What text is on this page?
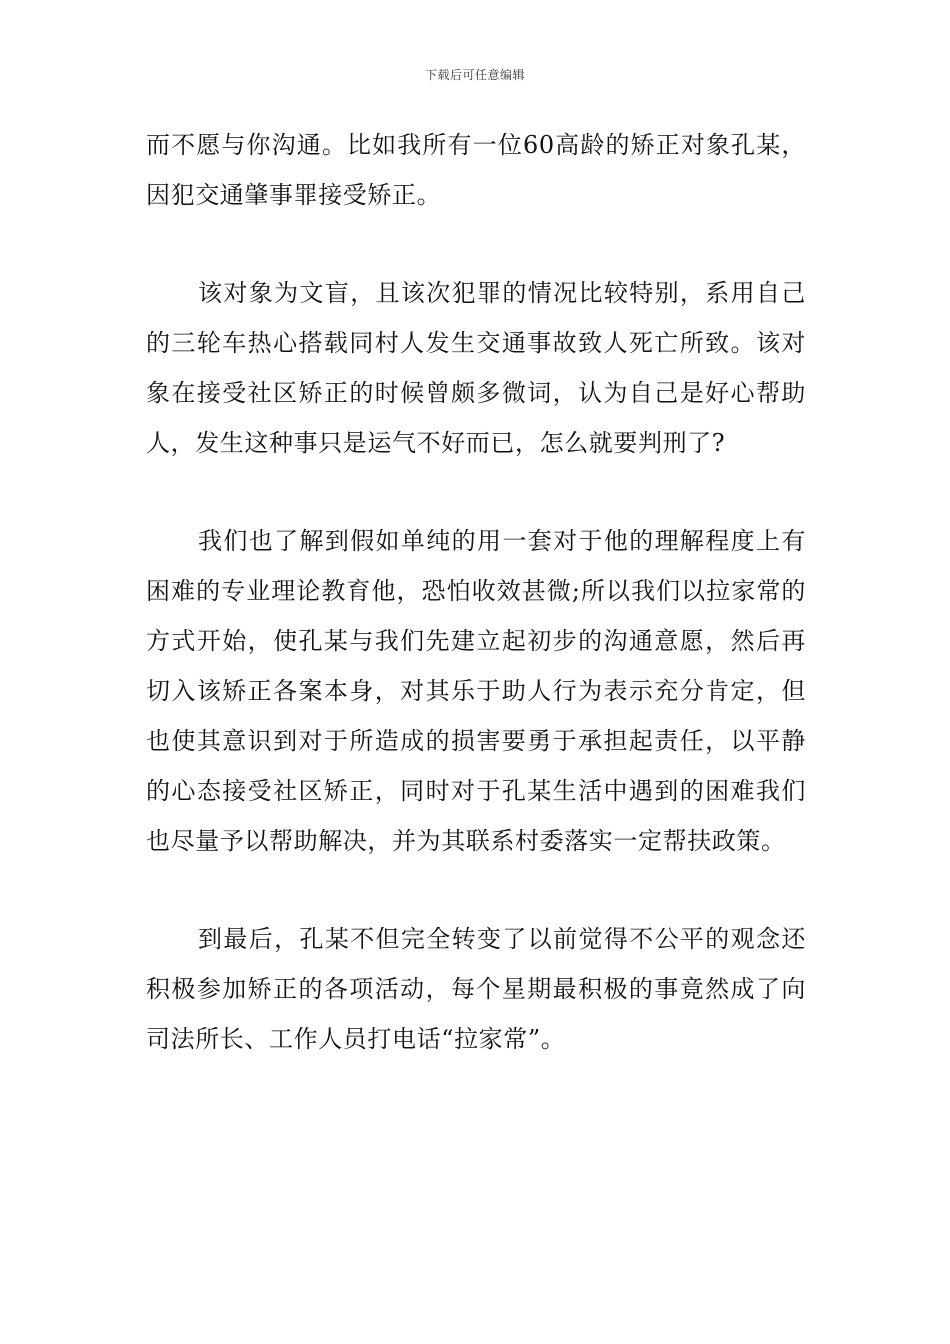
下载后可任意编辑

而不愿与你沟通。比如我所有一位60高龄的矫正对象孔某，因犯交通肇事罪接受矫正。

该对象为文盲，且该次犯罪的情况比较特别，系用自己的三轮车热心搭载同村人发生交通事故致人死亡所致。该对象在接受社区矫正的时候曾颇多微词，认为自己是好心帮助人，发生这种事只是运气不好而已，怎么就要判刑了?

我们也了解到假如单纯的用一套对于他的理解程度上有困难的专业理论教育他，恐怕收效甚微;所以我们以拉家常的方式开始，使孔某与我们先建立起初步的沟通意愿，然后再切入该矫正各案本身，对其乐于助人行为表示充分肯定，但也使其意识到对于所造成的损害要勇于承担起责任，以平静的心态接受社区矫正，同时对于孔某生活中遇到的困难我们也尽量予以帮助解决，并为其联系村委落实一定帮扶政策。

到最后，孔某不但完全转变了以前觉得不公平的观念还积极参加矫正的各项活动，每个星期最积极的事竟然成了向司法所长、工作人员打电话“拉家常”。
